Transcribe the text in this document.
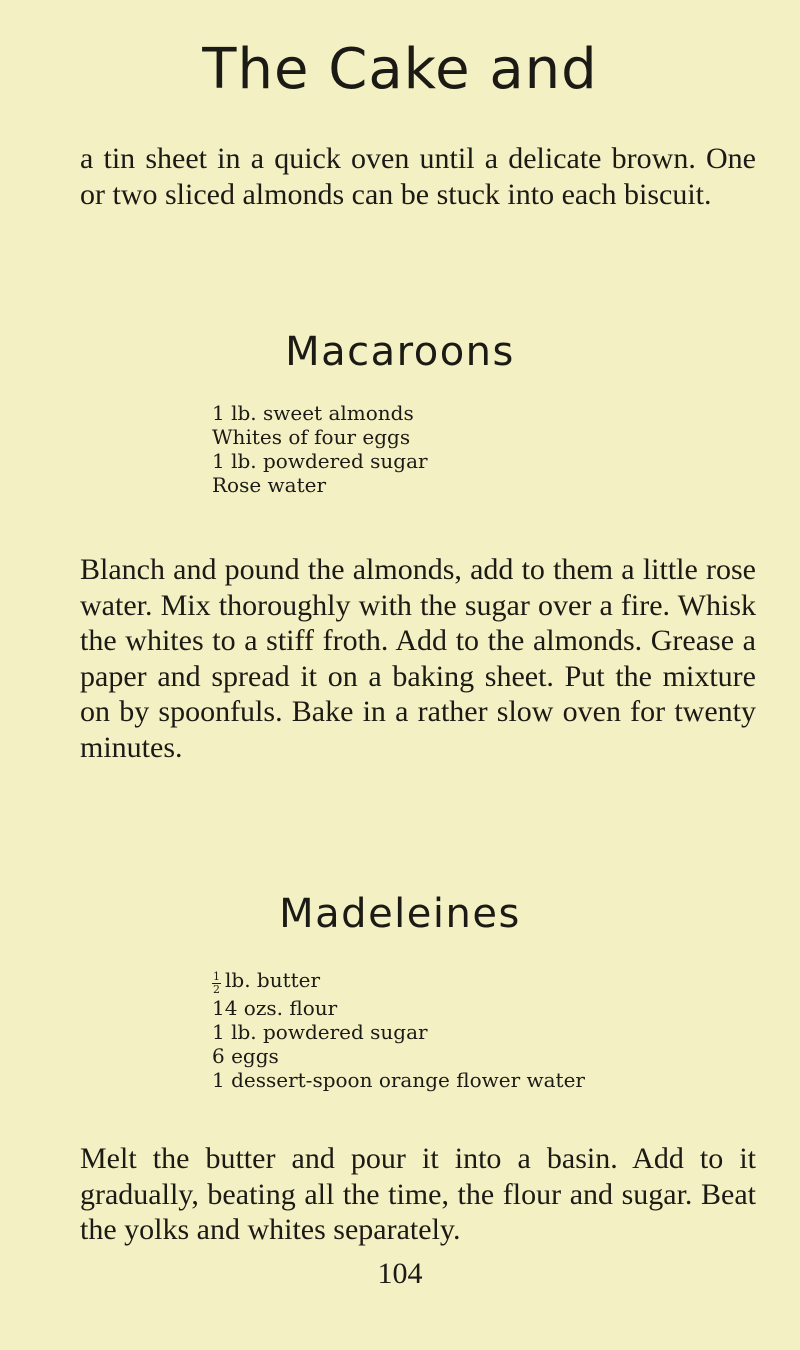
The Cake and

a tin sheet in a quick oven until a delicate brown. One or two sliced almonds can be stuck into each biscuit.

Macaroons
1 lb. sweet almonds
Whites of four eggs
1 lb. powdered sugar
Rose water

Blanch and pound the almonds, add to them a little rose water. Mix thoroughly with the sugar over a fire. Whisk the whites to a stiff froth. Add to the almonds. Grease a paper and spread it on a baking sheet. Put the mixture on by spoonfuls. Bake in a rather slow oven for twenty minutes.

Madeleines
$\frac{1}{2}$ lb. butter
14 ozs. flour
1 lb. powdered sugar
6 eggs
1 dessert-spoon orange flower water

Melt the butter and pour it into a basin. Add to it gradually, beating all the time, the flour and sugar. Beat the yolks and whites separately.

104
